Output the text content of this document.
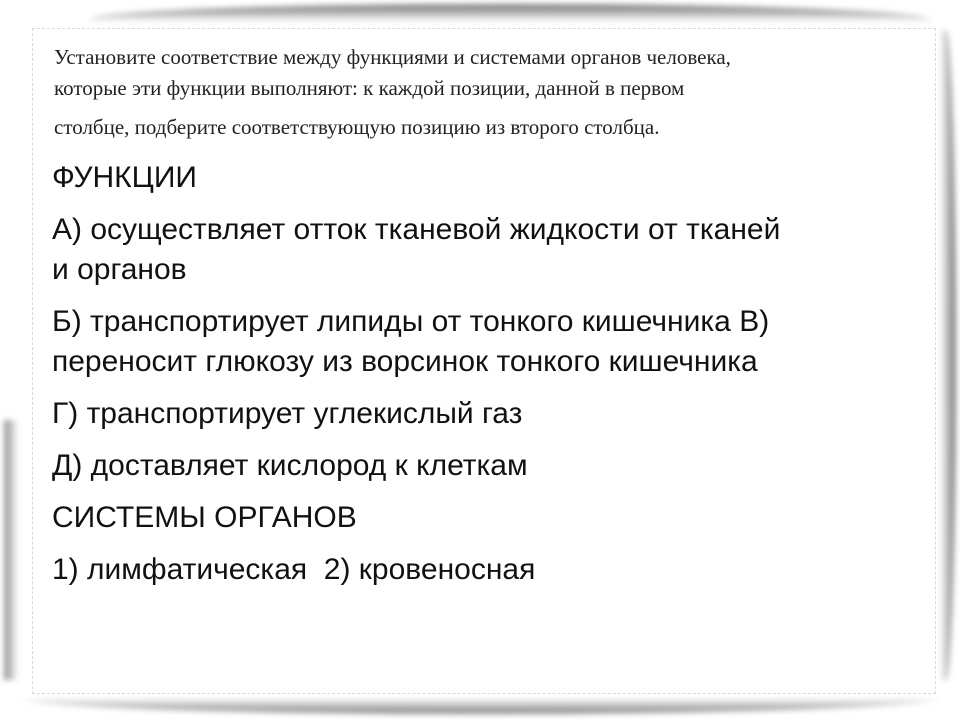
Установите соответствие между функциями и системами органов человека,
которые эти функции выполняют: к каждой позиции, данной в первом
столбце, подберите соответствующую позицию из второго столбца.

ФУНКЦИИ

А) осуществляет отток тканевой жидкости от тканей
и органов

Б) транспортирует липиды от тонкого кишечника В)
переносит глюкозу из ворсинок тонкого кишечника

Г) транспортирует углекислый газ

Д) доставляет кислород к клеткам

СИСТЕМЫ ОРГАНОВ

1) лимфатическая  2) кровеносная
